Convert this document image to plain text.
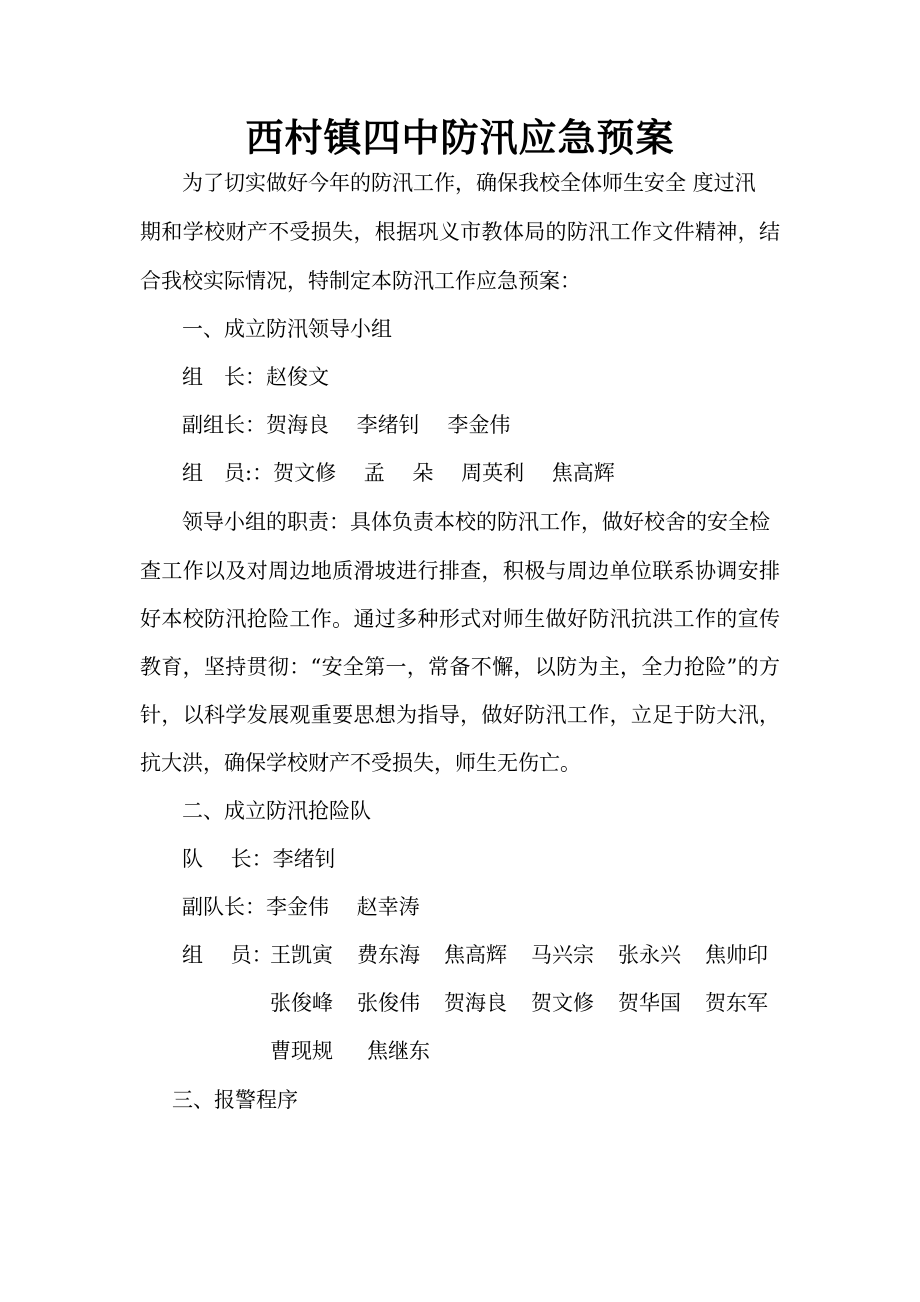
西村镇四中防汛应急预案

为了切实做好今年的防汛工作，确保我校全体师生安全 度过汛

期和学校财产不受损失，根据巩义市教体局的防汛工作文件精神，结

合我校实际情况，特制定本防汛工作应急预案：

一、成立防汛领导小组

组　长：赵俊文

副组长：贺海良　 李绪钊　 李金伟

组　员:：贺文修　 孟　 朵　 周英利　 焦高辉

领导小组的职责：具体负责本校的防汛工作，做好校舍的安全检

查工作以及对周边地质滑坡进行排查，积极与周边单位联系协调安排

好本校防汛抢险工作。通过多种形式对师生做好防汛抗洪工作的宣传

教育，坚持贯彻：“安全第一，常备不懈，以防为主，全力抢险”的方

针，以科学发展观重要思想为指导，做好防汛工作，立足于防大汛，

抗大洪，确保学校财产不受损失，师生无伤亡。

二、成立防汛抢险队

队　 长：李绪钊

副队长：李金伟　 赵幸涛

组　 员：

王凯寅 费东海 焦高辉 马兴宗 张永兴 焦帅印
张俊峰 张俊伟 贺海良 贺文修 贺华国 贺东军
曹现规 焦继东

三、报警程序
